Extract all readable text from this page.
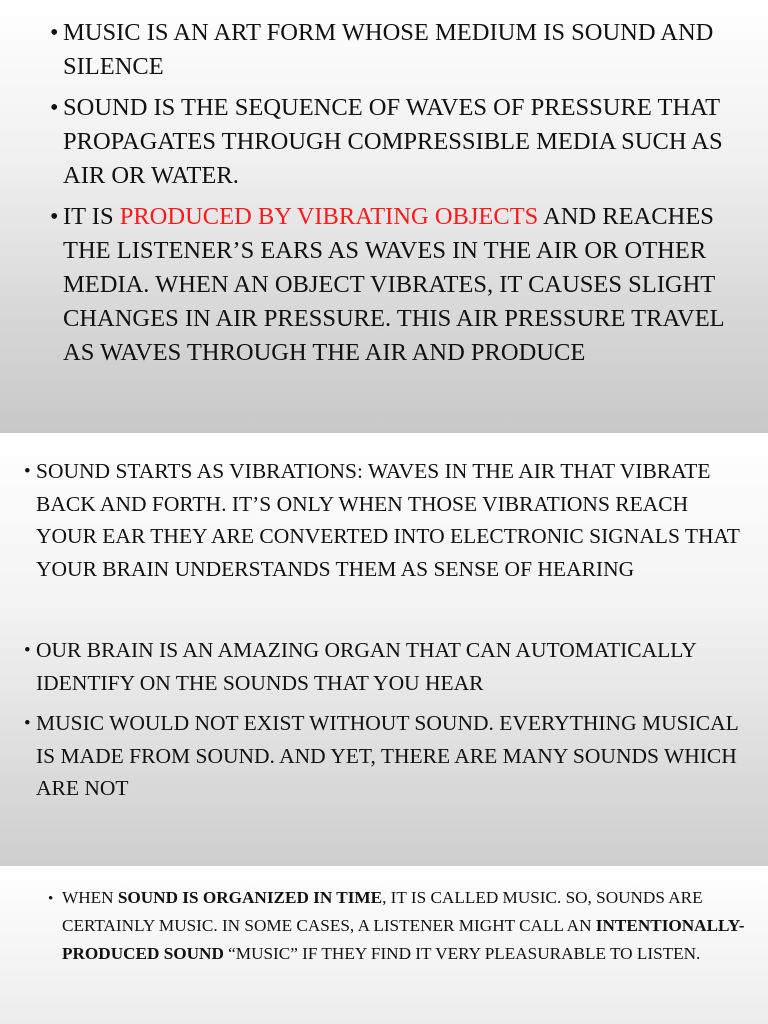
• MUSIC IS AN ART FORM WHOSE MEDIUM IS SOUND AND SILENCE
• SOUND IS THE SEQUENCE OF WAVES OF PRESSURE THAT PROPAGATES THROUGH COMPRESSIBLE MEDIA SUCH AS AIR OR WATER.
• IT IS PRODUCED BY VIBRATING OBJECTS AND REACHES THE LISTENER’S EARS AS WAVES IN THE AIR OR OTHER MEDIA. WHEN AN OBJECT VIBRATES, IT CAUSES SLIGHT CHANGES IN AIR PRESSURE. THIS AIR PRESSURE TRAVEL AS WAVES THROUGH THE AIR AND PRODUCE
• SOUND STARTS AS VIBRATIONS: WAVES IN THE AIR THAT VIBRATE BACK AND FORTH. IT’S ONLY WHEN THOSE VIBRATIONS REACH YOUR EAR THEY ARE CONVERTED INTO ELECTRONIC SIGNALS THAT YOUR BRAIN UNDERSTANDS THEM AS SENSE OF HEARING
• OUR BRAIN IS AN AMAZING ORGAN THAT CAN AUTOMATICALLY IDENTIFY ON THE SOUNDS THAT YOU HEAR
• MUSIC WOULD NOT EXIST WITHOUT SOUND. EVERYTHING MUSICAL IS MADE FROM SOUND. AND YET, THERE ARE MANY SOUNDS WHICH ARE NOT
• WHEN SOUND IS ORGANIZED IN TIME, IT IS CALLED MUSIC. SO, SOUNDS ARE CERTAINLY MUSIC. IN SOME CASES, A LISTENER MIGHT CALL AN INTENTIONALLY-PRODUCED SOUND “MUSIC” IF THEY FIND IT VERY PLEASURABLE TO LISTEN.
